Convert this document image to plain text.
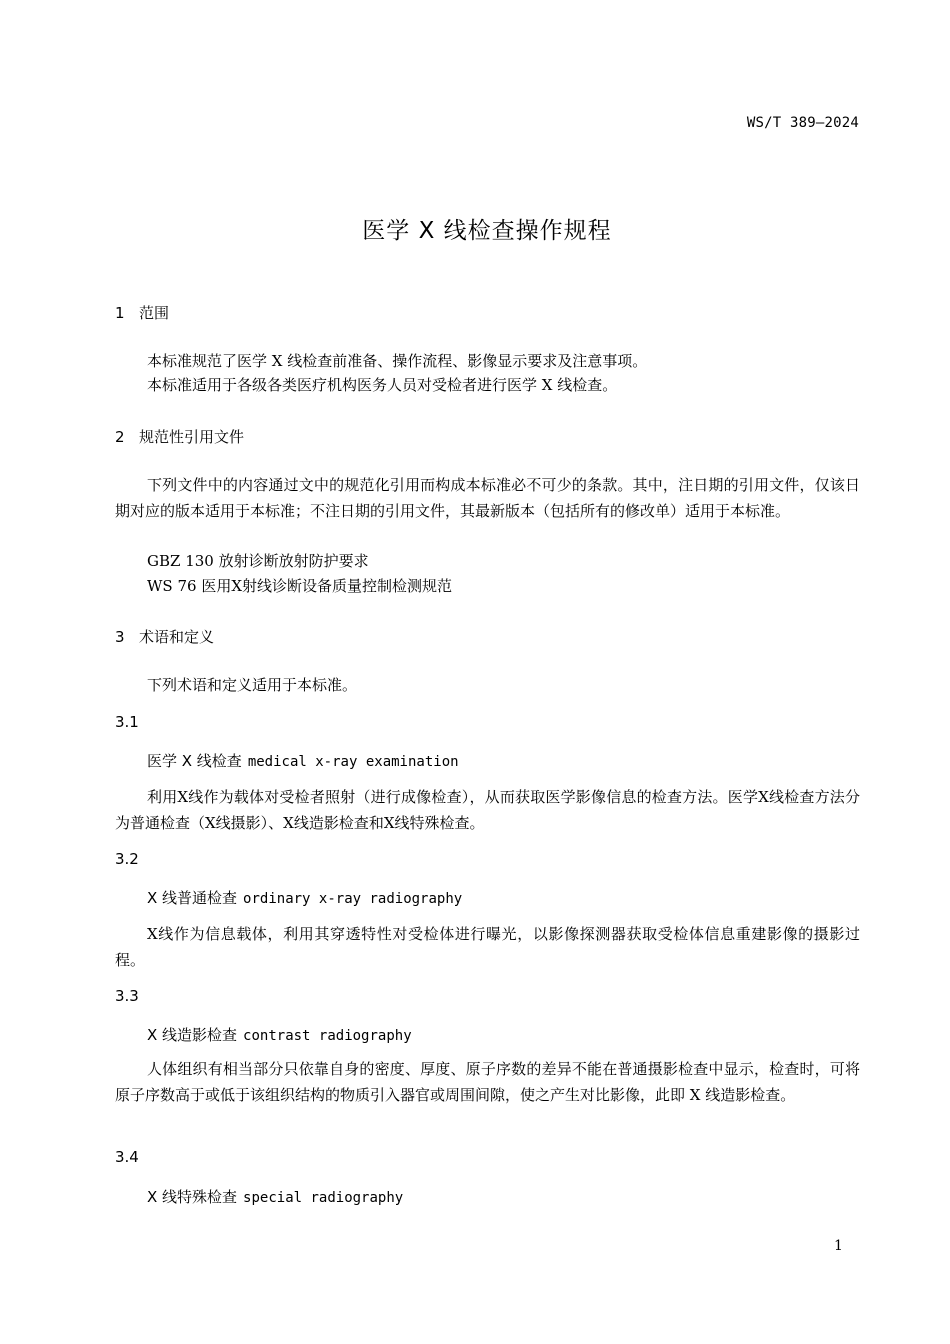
WS/T 389—2024
医学 X 线检查操作规程
1 范围
本标准规范了医学 X 线检查前准备、操作流程、影像显示要求及注意事项。
本标准适用于各级各类医疗机构医务人员对受检者进行医学 X 线检查。
2 规范性引用文件
下列文件中的内容通过文中的规范化引用而构成本标准必不可少的条款。其中，注日期的引用文件，仅该日期对应的版本适用于本标准；不注日期的引用文件，其最新版本（包括所有的修改单）适用于本标准。
GBZ 130 放射诊断放射防护要求
WS 76 医用X射线诊断设备质量控制检测规范
3 术语和定义
下列术语和定义适用于本标准。
3.1
医学 X 线检查 medical x-ray examination
利用X线作为载体对受检者照射（进行成像检查），从而获取医学影像信息的检查方法。医学X线检查方法分为普通检查（X线摄影）、X线造影检查和X线特殊检查。
3.2
X 线普通检查 ordinary x-ray radiography
X线作为信息载体，利用其穿透特性对受检体进行曝光，以影像探测器获取受检体信息重建影像的摄影过程。
3.3
X 线造影检查 contrast radiography
人体组织有相当部分只依靠自身的密度、厚度、原子序数的差异不能在普通摄影检查中显示，检查时，可将原子序数高于或低于该组织结构的物质引入器官或周围间隙，使之产生对比影像，此即 X 线造影检查。
3.4
X 线特殊检查 special radiography
1
